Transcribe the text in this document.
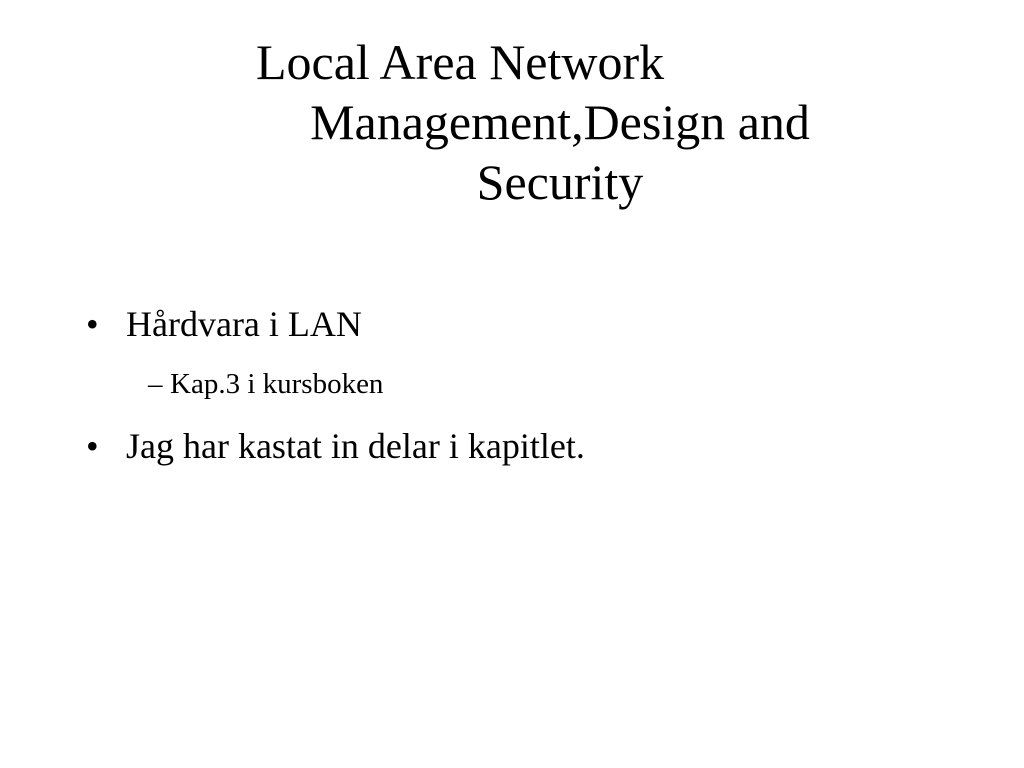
Local Area Network
Management,Design and
Security
• Hårdvara i LAN
– Kap.3 i kursboken
• Jag har kastat in delar i kapitlet.
